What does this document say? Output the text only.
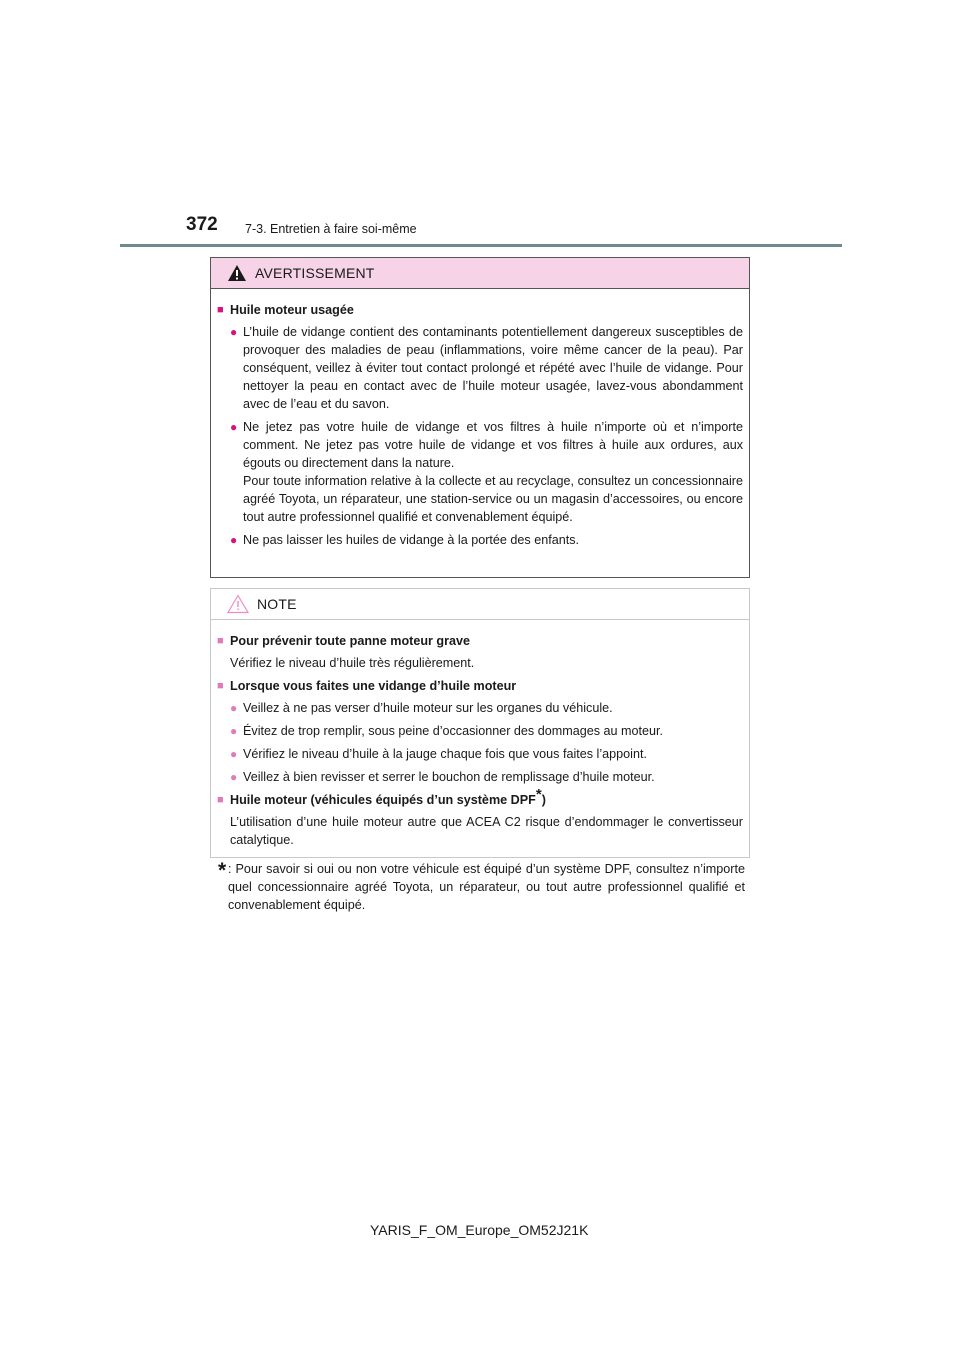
372 7-3. Entretien à faire soi-même
AVERTISSEMENT
■ Huile moteur usagée
● L’huile de vidange contient des contaminants potentiellement dangereux susceptibles de provoquer des maladies de peau (inflammations, voire même cancer de la peau). Par conséquent, veillez à éviter tout contact prolongé et répété avec l’huile de vidange. Pour nettoyer la peau en contact avec de l’huile moteur usagée, lavez-vous abondamment avec de l’eau et du savon.
● Ne jetez pas votre huile de vidange et vos filtres à huile n’importe où et n’importe comment. Ne jetez pas votre huile de vidange et vos filtres à huile aux ordures, aux égouts ou directement dans la nature.
Pour toute information relative à la collecte et au recyclage, consultez un concessionnaire agréé Toyota, un réparateur, une station-service ou un magasin d’accessoires, ou encore tout autre professionnel qualifié et convenablement équipé.
● Ne pas laisser les huiles de vidange à la portée des enfants.
NOTE
■ Pour prévenir toute panne moteur grave
Vérifiez le niveau d’huile très régulièrement.
■ Lorsque vous faites une vidange d’huile moteur
● Veillez à ne pas verser d’huile moteur sur les organes du véhicule.
● Évitez de trop remplir, sous peine d’occasionner des dommages au moteur.
● Vérifiez le niveau d’huile à la jauge chaque fois que vous faites l’appoint.
● Veillez à bien revisser et serrer le bouchon de remplissage d’huile moteur.
■ Huile moteur (véhicules équipés d’un système DPF*)
L’utilisation d’une huile moteur autre que ACEA C2 risque d’endommager le convertisseur catalytique.
* : Pour savoir si oui ou non votre véhicule est équipé d’un système DPF, consultez n’importe quel concessionnaire agréé Toyota, un réparateur, ou tout autre professionnel qualifié et convenablement équipé.
YARIS_F_OM_Europe_OM52J21K
